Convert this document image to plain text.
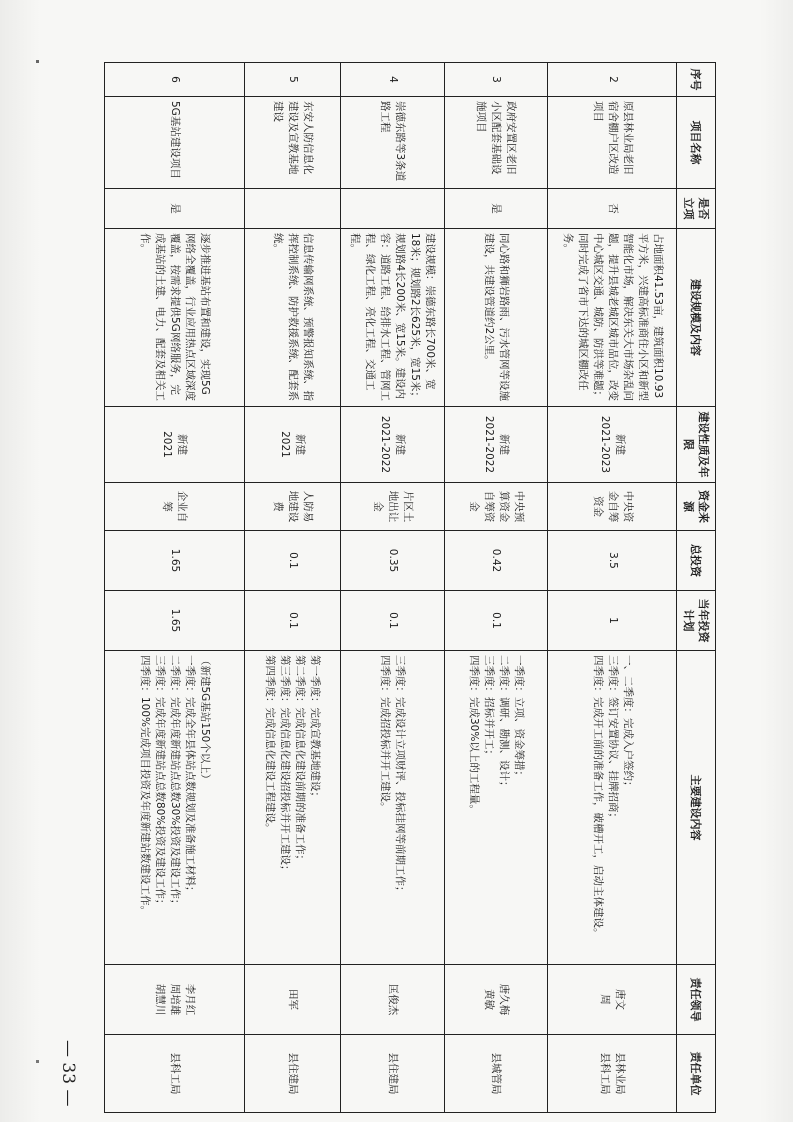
序号	项目名称	是否立项	建设规模及内容	建设性质及年限	资金来源	总投资	当年投资计划	主要建设内容	责任领导	责任单位
2	原县林业局老旧宿舍棚户区改造项目	否	占地面积41.53亩，建筑面积10.93平方米，兴建高标准商住小区和新型智能化市场，解决东关大市场杂乱问题，提升县城老城区城市品位，改变中心城区交通、城防、防洪等难题；同时完成了省市下达的城区棚改任务。	新建
2021-2023	中央资金自筹资金	3.5	1	一、二季度：完成入户签约；
三季度：签订安置协议、挂牌招商；
四季度：完成开工前的准备工作，破槽开工，启动主体建设。	唐文
周	县林业局
县科工局
3	政府安置区老旧小区配套基础设施项目	是	同心路和狮岩路雨、污水管网等设施建设，共建设管道约2公里。	新建
2021-2022	中央预算资金自筹资金	0.42	0.1	一季度：立项、资金筹措；
二季度：调研、勘测、设计；
三季度：招标并开工；
四季度：完成30%以上的工程量。	唐久梅
黄敏	县城管局
4	崇德东路等3条道路工程		建设规模：崇德东路长700米、宽18米；规划路2长625米，宽15米；规划路4长200米、宽15米。建设内容：道路工程、给排水工程、管网工程、绿化工程、亮化工程、交通工程。	新建
2021-2022	片区土地出让金	0.35	0.1	三季度：完成设计立项财评、投标挂网等前期工作；
四季度：完成招投标并开工建设。	匡俊杰	县住建局
5	东安人防信息化建设及宣教基地建设		信息传输网系统、预警报知系统、指挥控制系统、防护救援系统、配套系统。	新建
2021	人防易地建设费	0.1	0.1	第一季度：完成宣教基地建设；
第二季度：完成信息化建设前期的准备工作；
第三季度：完成信息化建设招投标并开工建设；
第四季度：完成信息化建设工程建设。	田军	县住建局
6	5G基站建设项目	是	逐步推进基站布置和建设，实现5G网络全覆盖，行业应用热点区域深度覆盖，按需求提供5G网络服务，完成基站的土建、电力、配套及相关工作。	新建
2021	企业自筹	1.65	1.65	（新建5G基站150个以上）
一季度：完成全年县体站点数规划及准备施工材料；
二季度：完成年度新建站点总数30%投资及建设工作；
三季度：完成年度新建站点总数80%投资及建设工作；
四季度：100%完成项目投资及年度新建站数建设工作。	李月红
周培雄
胡慧川	县科工局
— 33 —
